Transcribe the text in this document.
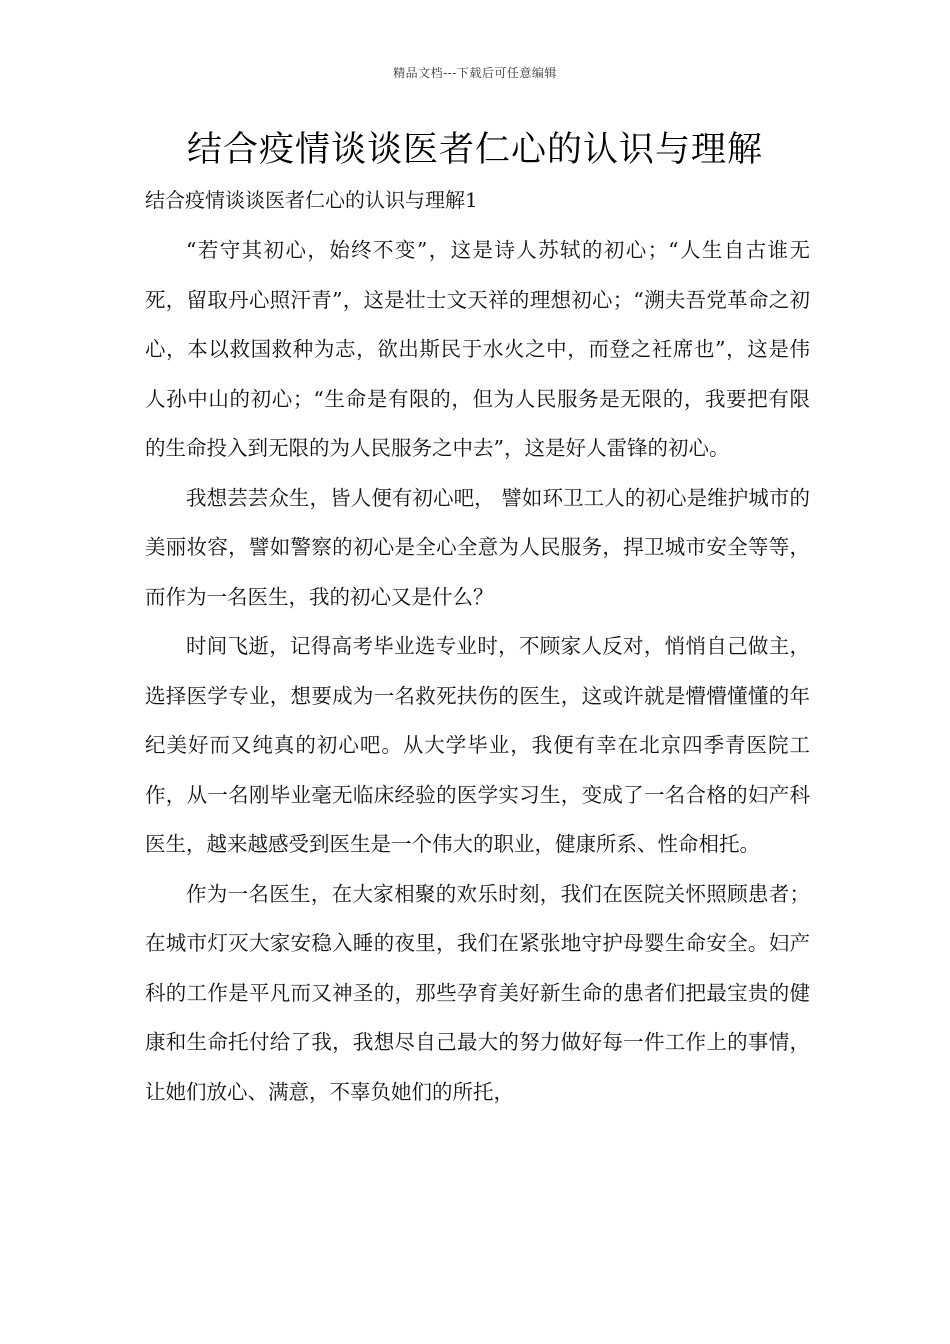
精品文档---下载后可任意编辑
结合疫情谈谈医者仁心的认识与理解
结合疫情谈谈医者仁心的认识与理解1

“若守其初心，始终不变”，这是诗人苏轼的初心；“人生自古谁无死，留取丹心照汗青”，这是壮士文天祥的理想初心；“溯夫吾党革命之初心，本以救国救种为志，欲出斯民于水火之中，而登之衽席也”，这是伟人孙中山的初心；“生命是有限的，但为人民服务是无限的，我要把有限的生命投入到无限的为人民服务之中去”，这是好人雷锋的初心。

我想芸芸众生，皆人便有初心吧， 譬如环卫工人的初心是维护城市的美丽妆容，譬如警察的初心是全心全意为人民服务，捍卫城市安全等等，而作为一名医生，我的初心又是什么？

时间飞逝，记得高考毕业选专业时，不顾家人反对，悄悄自己做主，选择医学专业，想要成为一名救死扶伤的医生，这或许就是懵懵懂懂的年纪美好而又纯真的初心吧。从大学毕业，我便有幸在北京四季青医院工作，从一名刚毕业毫无临床经验的医学实习生，变成了一名合格的妇产科医生，越来越感受到医生是一个伟大的职业，健康所系、性命相托。

作为一名医生，在大家相聚的欢乐时刻，我们在医院关怀照顾患者；在城市灯灭大家安稳入睡的夜里，我们在紧张地守护母婴生命安全。妇产科的工作是平凡而又神圣的，那些孕育美好新生命的患者们把最宝贵的健康和生命托付给了我，我想尽自己最大的努力做好每一件工作上的事情，让她们放心、满意，不辜负她们的所托，
